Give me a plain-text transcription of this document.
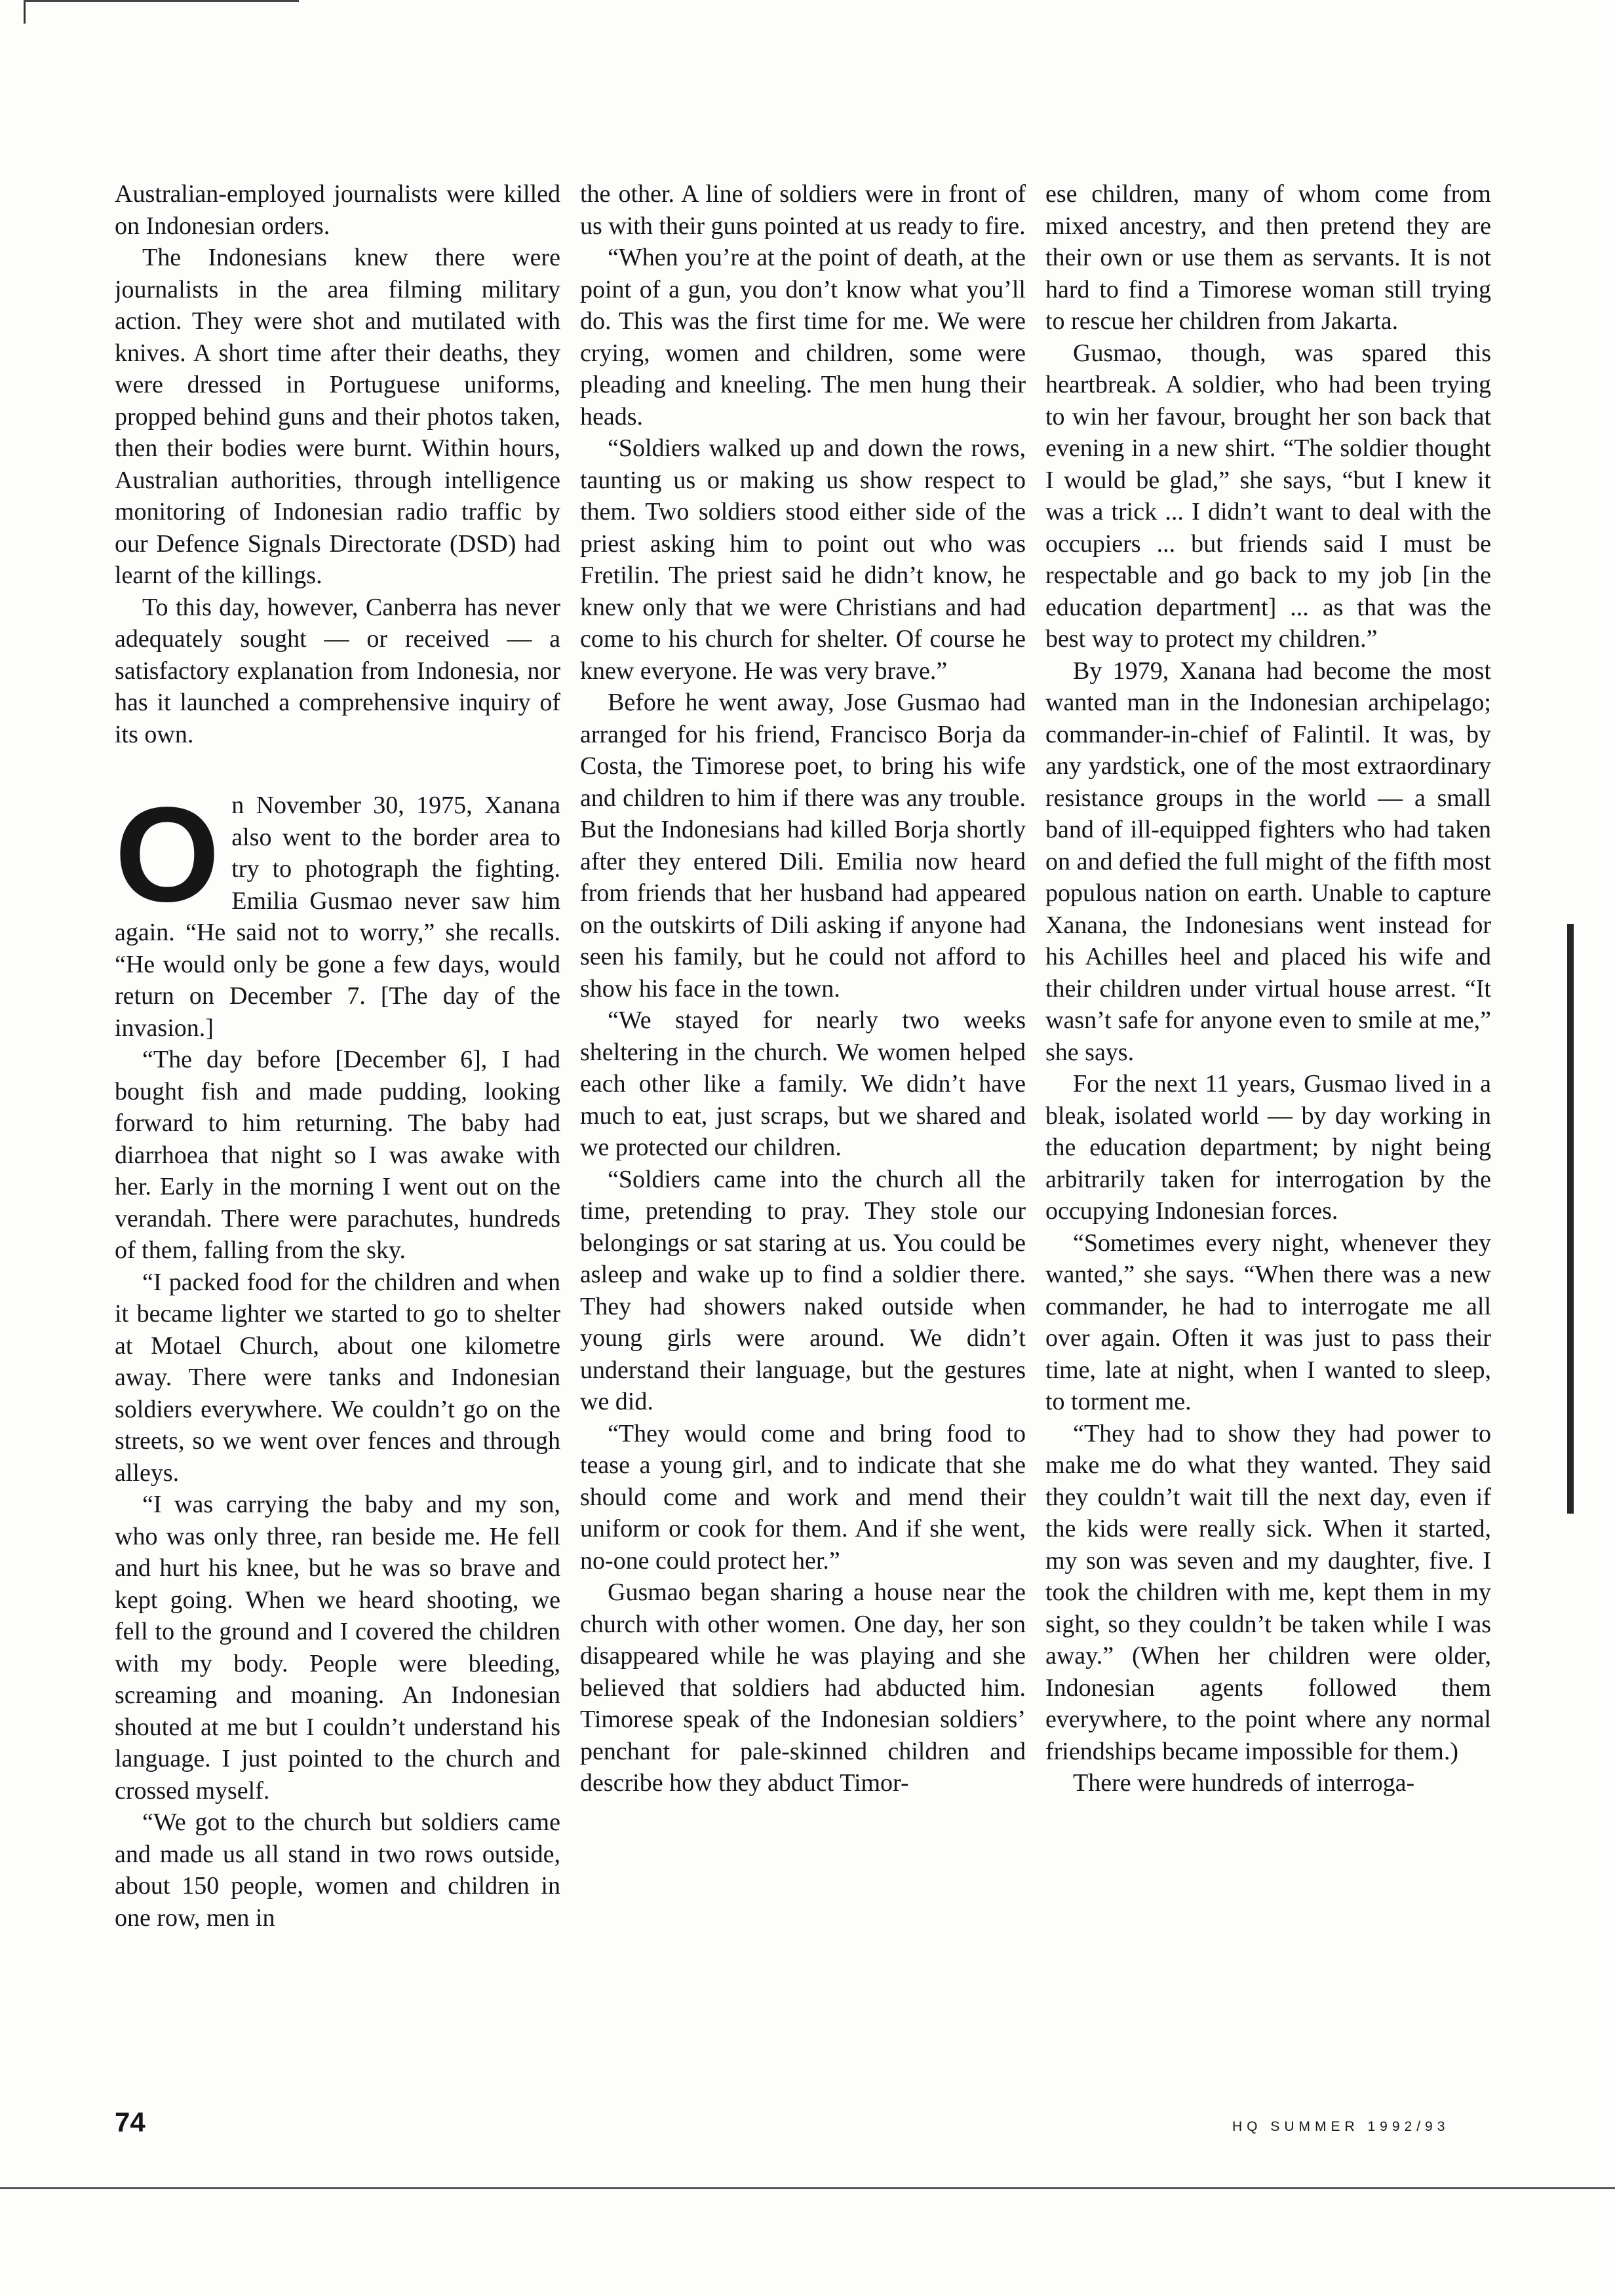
Australian-employed journalists were killed on Indonesian orders.

The Indonesians knew there were journalists in the area filming military action. They were shot and mutilated with knives. A short time after their deaths, they were dressed in Portuguese uniforms, propped behind guns and their photos taken, then their bodies were burnt. Within hours, Australian authorities, through intelligence monitoring of Indonesian radio traffic by our Defence Signals Directorate (DSD) had learnt of the killings.

To this day, however, Canberra has never adequately sought — or received — a satisfactory explanation from Indonesia, nor has it launched a comprehensive inquiry of its own.

On November 30, 1975, Xanana also went to the border area to try to photograph the fighting. Emilia Gusmao never saw him again. “He said not to worry,” she recalls. “He would only be gone a few days, would return on December 7. [The day of the invasion.]

“The day before [December 6], I had bought fish and made pudding, looking forward to him returning. The baby had diarrhoea that night so I was awake with her. Early in the morning I went out on the verandah. There were parachutes, hundreds of them, falling from the sky.

“I packed food for the children and when it became lighter we started to go to shelter at Motael Church, about one kilometre away. There were tanks and Indonesian soldiers everywhere. We couldn’t go on the streets, so we went over fences and through alleys.

“I was carrying the baby and my son, who was only three, ran beside me. He fell and hurt his knee, but he was so brave and kept going. When we heard shooting, we fell to the ground and I covered the children with my body. People were bleeding, screaming and moaning. An Indonesian shouted at me but I couldn’t understand his language. I just pointed to the church and crossed myself.

“We got to the church but soldiers came and made us all stand in two rows outside, about 150 people, women and children in one row, men in

the other. A line of soldiers were in front of us with their guns pointed at us ready to fire.

“When you’re at the point of death, at the point of a gun, you don’t know what you’ll do. This was the first time for me. We were crying, women and children, some were pleading and kneeling. The men hung their heads.

“Soldiers walked up and down the rows, taunting us or making us show respect to them. Two soldiers stood either side of the priest asking him to point out who was Fretilin. The priest said he didn’t know, he knew only that we were Christians and had come to his church for shelter. Of course he knew everyone. He was very brave.”

Before he went away, Jose Gusmao had arranged for his friend, Francisco Borja da Costa, the Timorese poet, to bring his wife and children to him if there was any trouble. But the Indonesians had killed Borja shortly after they entered Dili. Emilia now heard from friends that her husband had appeared on the outskirts of Dili asking if anyone had seen his family, but he could not afford to show his face in the town.

“We stayed for nearly two weeks sheltering in the church. We women helped each other like a family. We didn’t have much to eat, just scraps, but we shared and we protected our children.

“Soldiers came into the church all the time, pretending to pray. They stole our belongings or sat staring at us. You could be asleep and wake up to find a soldier there. They had showers naked outside when young girls were around. We didn’t understand their language, but the gestures we did.

“They would come and bring food to tease a young girl, and to indicate that she should come and work and mend their uniform or cook for them. And if she went, no-one could protect her.”

Gusmao began sharing a house near the church with other women. One day, her son disappeared while he was playing and she believed that soldiers had abducted him. Timorese speak of the Indonesian soldiers’ penchant for pale-skinned children and describe how they abduct Timor-

ese children, many of whom come from mixed ancestry, and then pretend they are their own or use them as servants. It is not hard to find a Timorese woman still trying to rescue her children from Jakarta.

Gusmao, though, was spared this heartbreak. A soldier, who had been trying to win her favour, brought her son back that evening in a new shirt. “The soldier thought I would be glad,” she says, “but I knew it was a trick ... I didn’t want to deal with the occupiers ... but friends said I must be respectable and go back to my job [in the education department] ... as that was the best way to protect my children.”

By 1979, Xanana had become the most wanted man in the Indonesian archipelago; commander-in-chief of Falintil. It was, by any yardstick, one of the most extraordinary resistance groups in the world — a small band of ill-equipped fighters who had taken on and defied the full might of the fifth most populous nation on earth. Unable to capture Xanana, the Indonesians went instead for his Achilles heel and placed his wife and their children under virtual house arrest. “It wasn’t safe for anyone even to smile at me,” she says.

For the next 11 years, Gusmao lived in a bleak, isolated world — by day working in the education department; by night being arbitrarily taken for interrogation by the occupying Indonesian forces.

“Sometimes every night, whenever they wanted,” she says. “When there was a new commander, he had to interrogate me all over again. Often it was just to pass their time, late at night, when I wanted to sleep, to torment me.

“They had to show they had power to make me do what they wanted. They said they couldn’t wait till the next day, even if the kids were really sick. When it started, my son was seven and my daughter, five. I took the children with me, kept them in my sight, so they couldn’t be taken while I was away.” (When her children were older, Indonesian agents followed them everywhere, to the point where any normal friendships became impossible for them.)

There were hundreds of interroga-

74	HQ SUMMER 1992/93
